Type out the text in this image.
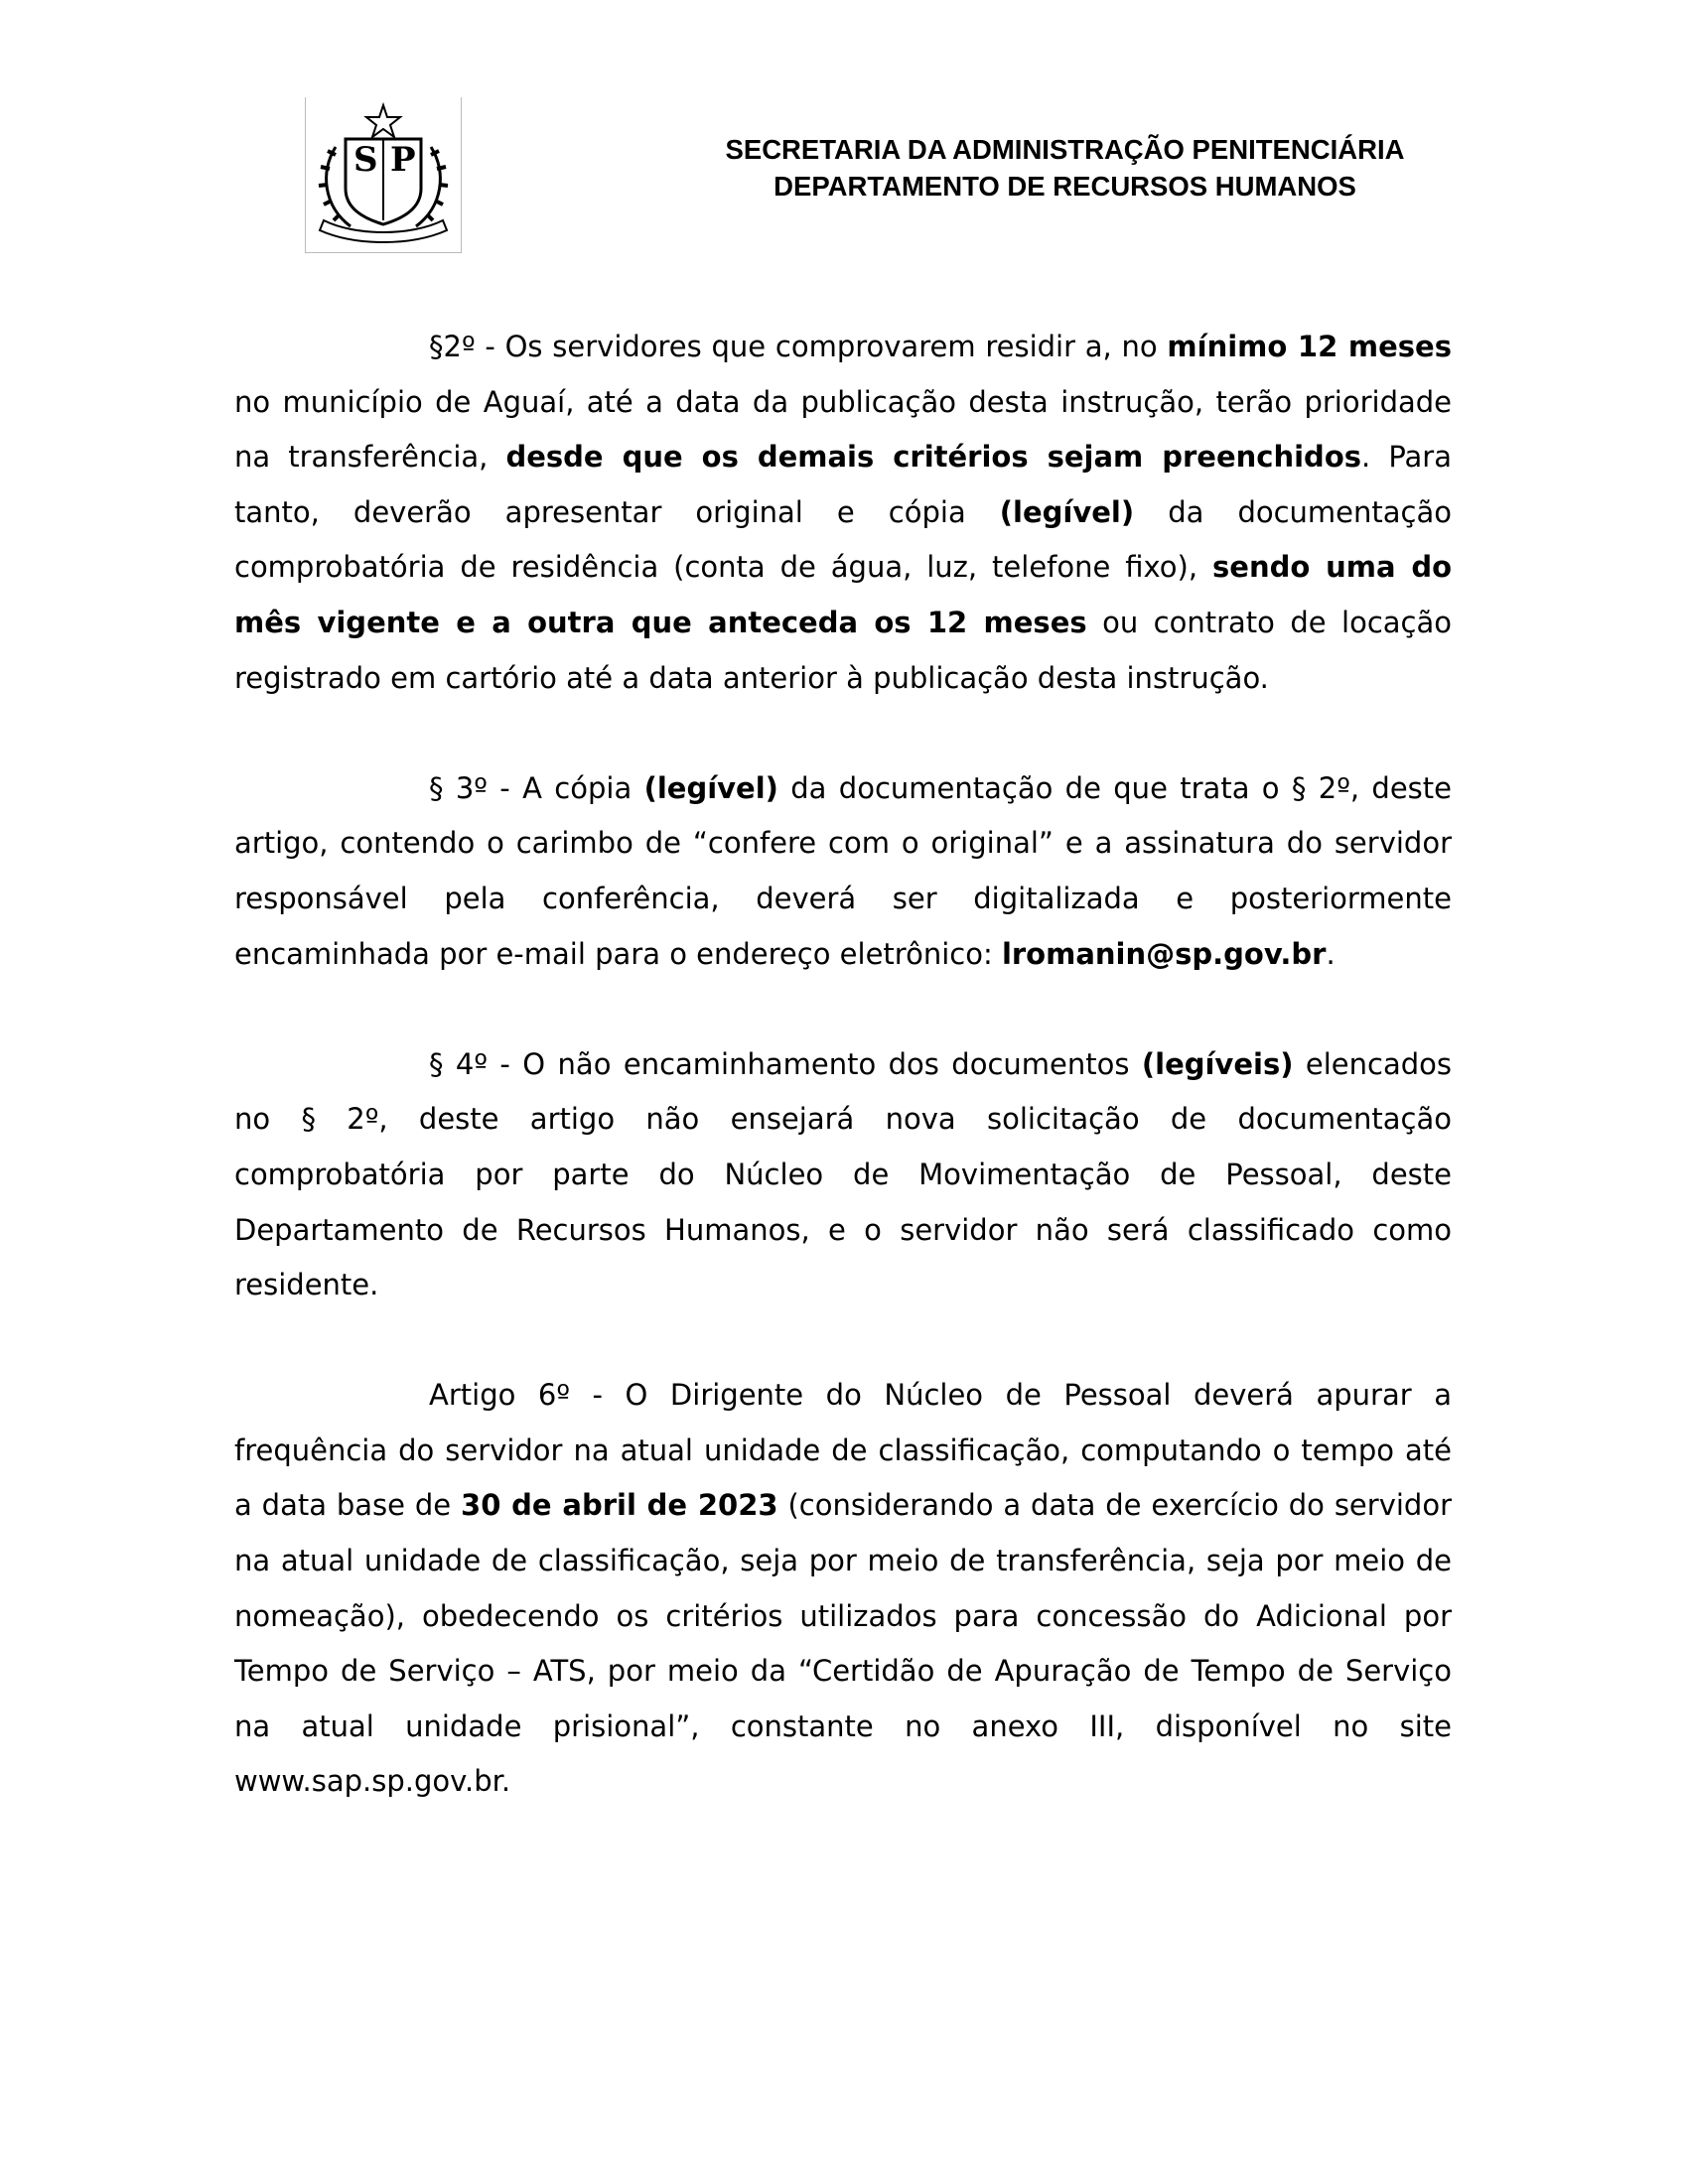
S P	SECRETARIA DA ADMINISTRAÇÃO PENITENCIÁRIA
DEPARTAMENTO DE RECURSOS HUMANOS

§2º - Os servidores que comprovarem residir a, no mínimo 12 meses no município de Aguaí, até a data da publicação desta instrução, terão prioridade na transferência, desde que os demais critérios sejam preenchidos. Para tanto, deverão apresentar original e cópia (legível) da documentação comprobatória de residência (conta de água, luz, telefone fixo), sendo uma do mês vigente e a outra que anteceda os 12 meses ou contrato de locação registrado em cartório até a data anterior à publicação desta instrução.

§ 3º - A cópia (legível) da documentação de que trata o § 2º, deste artigo, contendo o carimbo de “confere com o original” e a assinatura do servidor responsável pela conferência, deverá ser digitalizada e posteriormente encaminhada por e-mail para o endereço eletrônico: lromanin@sp.gov.br.

§ 4º - O não encaminhamento dos documentos (legíveis) elencados no § 2º, deste artigo não ensejará nova solicitação de documentação comprobatória por parte do Núcleo de Movimentação de Pessoal, deste Departamento de Recursos Humanos, e o servidor não será classificado como residente.

Artigo 6º - O Dirigente do Núcleo de Pessoal deverá apurar a frequência do servidor na atual unidade de classificação, computando o tempo até a data base de 30 de abril de 2023 (considerando a data de exercício do servidor na atual unidade de classificação, seja por meio de transferência, seja por meio de nomeação), obedecendo os critérios utilizados para concessão do Adicional por Tempo de Serviço – ATS, por meio da “Certidão de Apuração de Tempo de Serviço na atual unidade prisional”, constante no anexo III, disponível no site www.sap.sp.gov.br.
